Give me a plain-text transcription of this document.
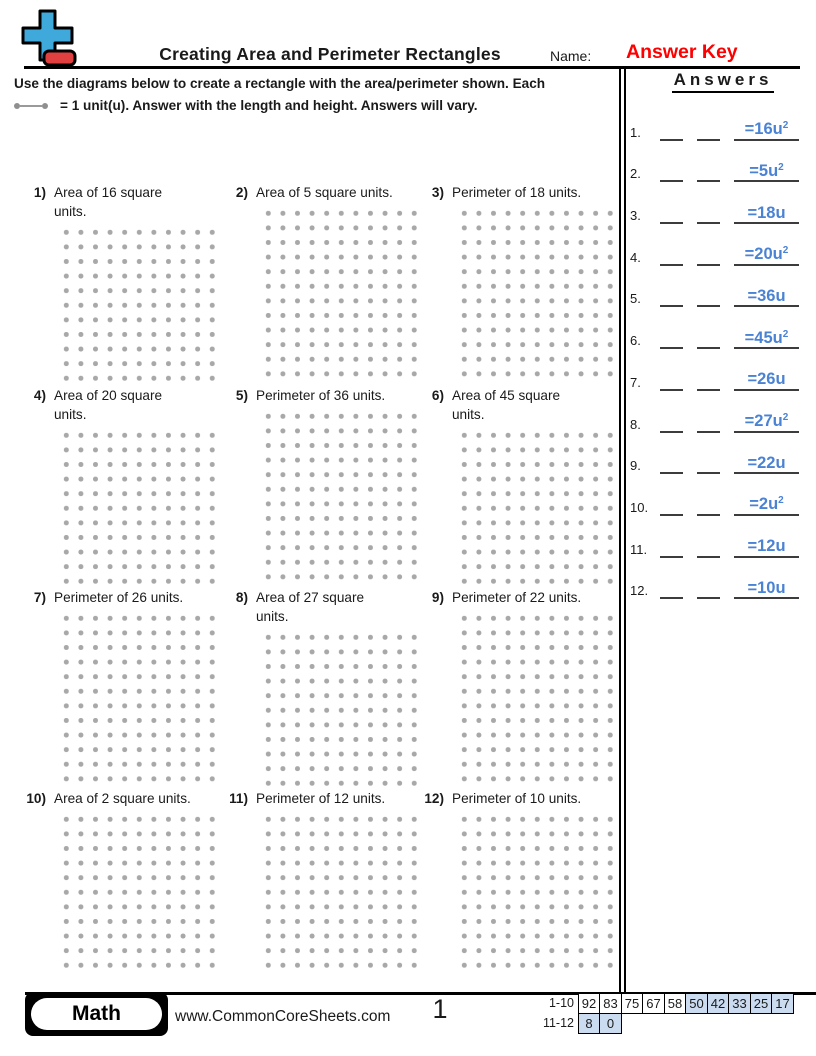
Creating Area and Perimeter Rectangles	Name: Answer Key
Use the diagrams below to create a rectangle with the area/perimeter shown. Each
= 1 unit(u). Answer with the length and height. Answers will vary.
Answers
1.	$=16u^2$
2.	$=5u^2$
3.	=18u
4.	$=20u^2$
5.	=36u
6.	$=45u^2$
7.	=26u
8.	$=27u^2$
9.	=22u
10.	$=2u^2$
11.	=12u
12.	=10u
1) Area of 16 square
units.
2) Area of 5 square units.	3) Perimeter of 18 units.
4) Area of 20 square
units.
5) Perimeter of 36 units.	6) Area of 45 square
units.
7) Perimeter of 26 units.	8) Area of 27 square
units.
9) Perimeter of 22 units.
10) Area of 2 square units.	11) Perimeter of 12 units.	12) Perimeter of 10 units.
Math	www.CommonCoreSheets.com	1	1-10 92 83 75 67 58 50 42 33 25 17
11-12 8	0
